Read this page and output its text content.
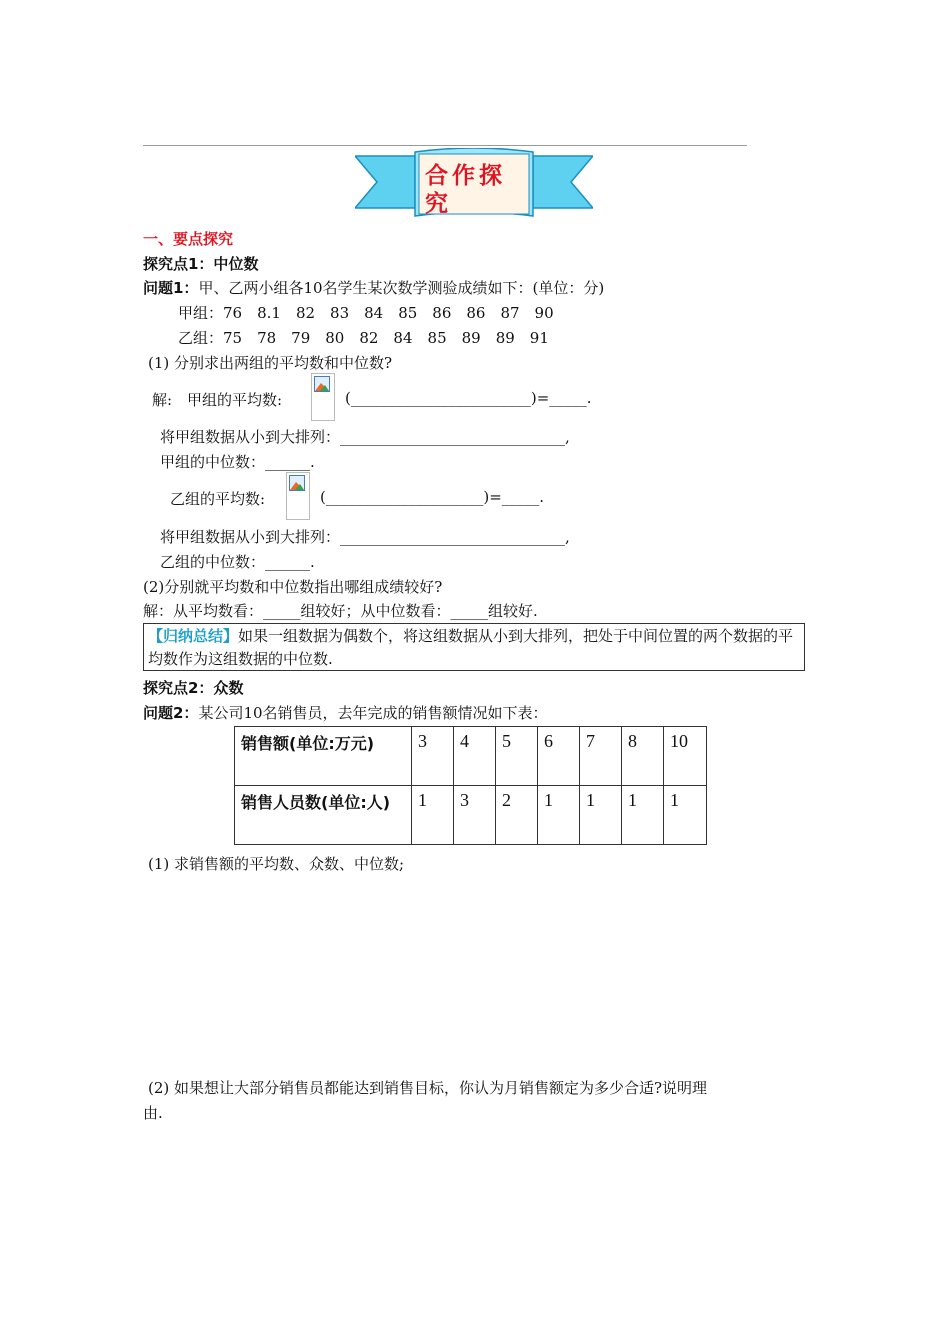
合作探究
一、要点探究
探究点1：中位数
问题1：甲、乙两小组各10名学生某次数学测验成绩如下：(单位：分)
甲组：76　8.1　82　83　84　85　86　86　87　90
乙组：75　78　79　80　82　84　85　89　89　91
(1) 分别求出两组的平均数和中位数?
解:　甲组的平均数:	(________________________)=_____.
将甲组数据从小到大排列：______________________________,
甲组的中位数：______.
乙组的平均数:	(_____________________)=_____.
将甲组数据从小到大排列：______________________________,
乙组的中位数：______.
(2)分别就平均数和中位数指出哪组成绩较好?
解：从平均数看：_____组较好；从中位数看：_____组较好.
【归纳总结】如果一组数据为偶数个，将这组数据从小到大排列，把处于中间位置的两个数据的平均数作为这组数据的中位数.
探究点2：众数
问题2：某公司10名销售员，去年完成的销售额情况如下表：
销售额(单位:万元)	3	4	5	6	7	8	10
销售人员数(单位:人)	1	3	2	1	1	1	1
(1) 求销售额的平均数、众数、中位数;
(2) 如果想让大部分销售员都能达到销售目标，你认为月销售额定为多少合适?说明理
由.
